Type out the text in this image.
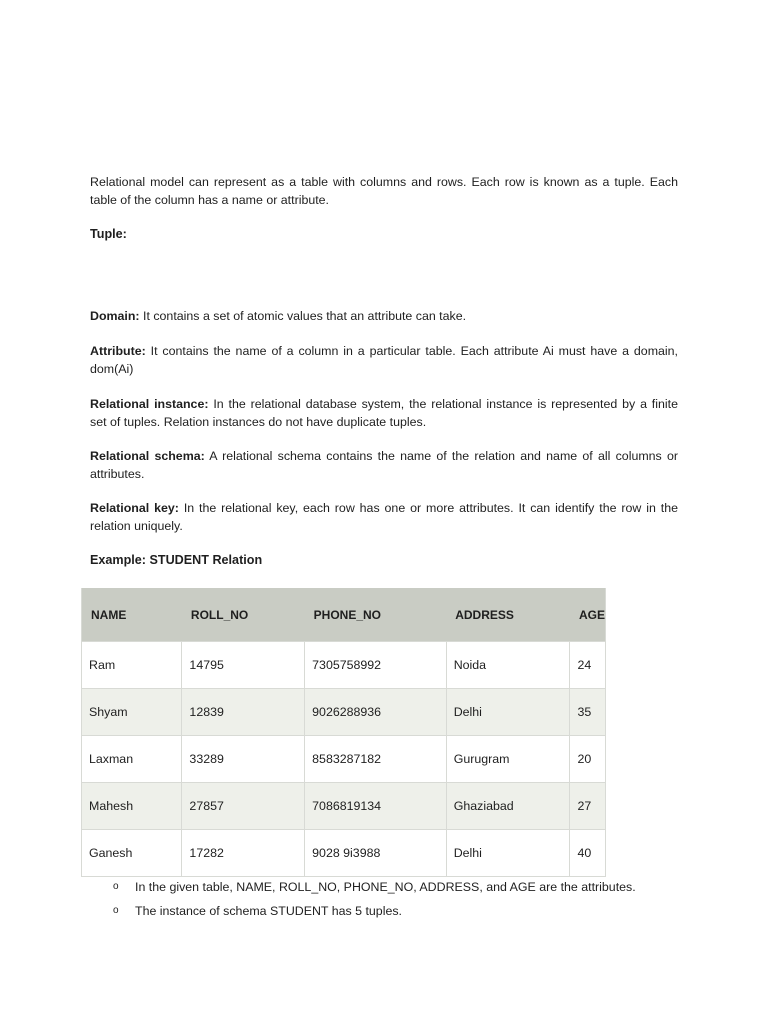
Relational model can represent as a table with columns and rows. Each row is known as a tuple. Each table of the column has a name or attribute.

Tuple:

Domain: It contains a set of atomic values that an attribute can take.

Attribute: It contains the name of a column in a particular table. Each attribute Ai must have a domain, dom(Ai)

Relational instance: In the relational database system, the relational instance is represented by a finite set of tuples. Relation instances do not have duplicate tuples.

Relational schema: A relational schema contains the name of the relation and name of all columns or attributes.

Relational key: In the relational key, each row has one or more attributes. It can identify the row in the relation uniquely.

Example: STUDENT Relation

NAME	ROLL_NO	PHONE_NO	ADDRESS	AGE
Ram	14795	7305758992	Noida	24
Shyam	12839	9026288936	Delhi	35
Laxman	33289	8583287182	Gurugram	20
Mahesh	27857	7086819134	Ghaziabad	27
Ganesh	17282	9028 9i3988	Delhi	40
o	In the given table, NAME, ROLL_NO, PHONE_NO, ADDRESS, and AGE are the attributes.
o	The instance of schema STUDENT has 5 tuples.
